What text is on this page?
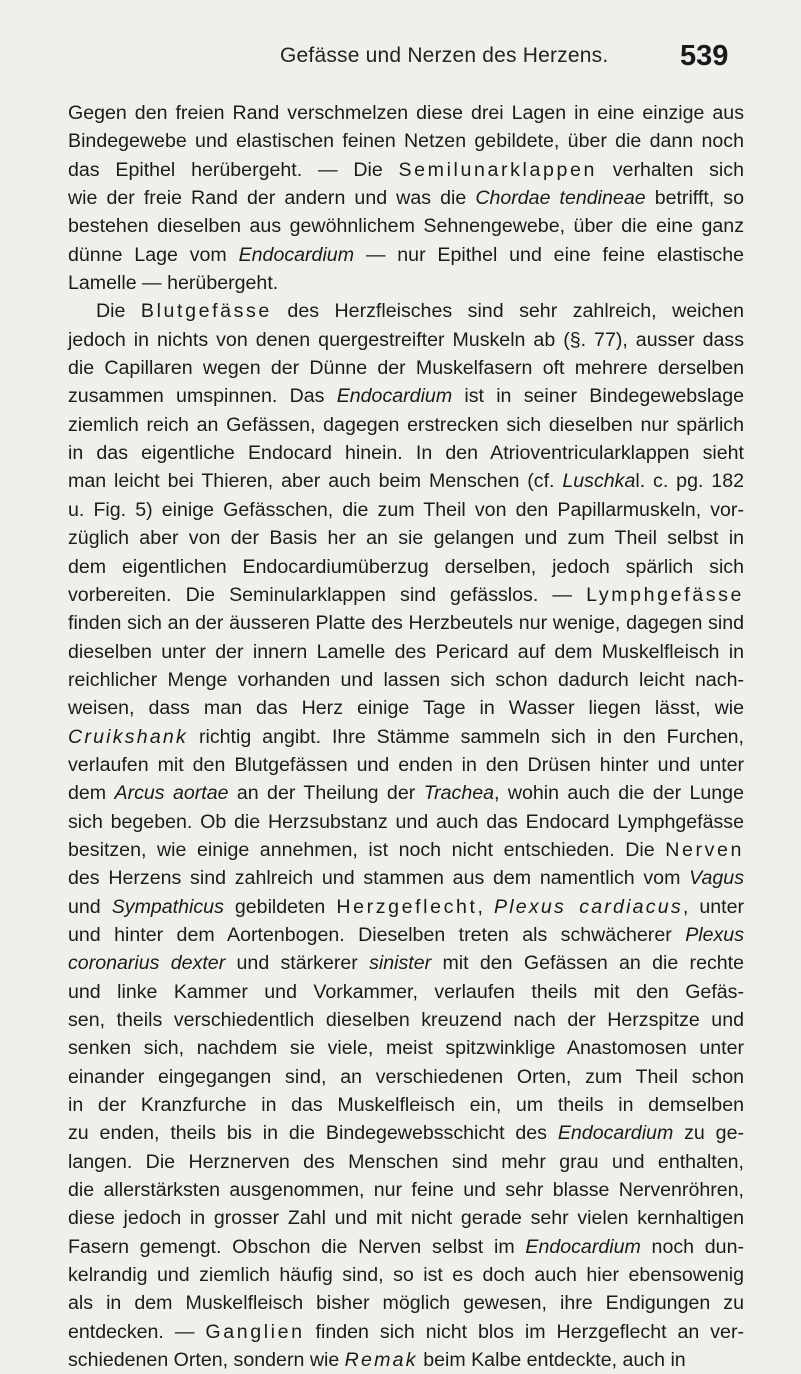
Gefässe und Nerzen des Herzens. 539
Gegen den freien Rand verschmelzen diese drei Lagen in eine einzige aus
Bindegewebe und elastischen feinen Netzen gebildete, über die dann noch
das Epithel herübergeht. — Die Semilunarklappen verhalten sich
wie der freie Rand der andern und was die Chordae tendineae betrifft, so
bestehen dieselben aus gewöhnlichem Sehnengewebe, über die eine ganz
dünne Lage vom Endocardium — nur Epithel und eine feine elastische
Lamelle — herübergeht.
Die Blutgefässe des Herzfleisches sind sehr zahlreich, weichen
jedoch in nichts von denen quergestreifter Muskeln ab (§. 77), ausser dass
die Capillaren wegen der Dünne der Muskelfasern oft mehrere derselben
zusammen umspinnen. Das Endocardium ist in seiner Bindegewebslage
ziemlich reich an Gefässen, dagegen erstrecken sich dieselben nur spärlich
in das eigentliche Endocard hinein. In den Atrioventricularklappen sieht
man leicht bei Thieren, aber auch beim Menschen (cf. Luschkal. c. pg. 182
u. Fig. 5) einige Gefässchen, die zum Theil von den Papillarmuskeln, vor-
züglich aber von der Basis her an sie gelangen und zum Theil selbst in
dem eigentlichen Endocardiumüberzug derselben, jedoch spärlich sich
vorbereiten. Die Seminularklappen sind gefässlos. — Lymphgefässe
finden sich an der äusseren Platte des Herzbeutels nur wenige, dagegen sind
dieselben unter der innern Lamelle des Pericard auf dem Muskelfleisch in
reichlicher Menge vorhanden und lassen sich schon dadurch leicht nach-
weisen, dass man das Herz einige Tage in Wasser liegen lässt, wie
Cruikshank richtig angibt. Ihre Stämme sammeln sich in den Furchen,
verlaufen mit den Blutgefässen und enden in den Drüsen hinter und unter
dem Arcus aortae an der Theilung der Trachea, wohin auch die der Lunge
sich begeben. Ob die Herzsubstanz und auch das Endocard Lymphgefässe
besitzen, wie einige annehmen, ist noch nicht entschieden. Die Nerven
des Herzens sind zahlreich und stammen aus dem namentlich vom Vagus
und Sympathicus gebildeten Herzgeflecht, Plexus cardiacus, unter
und hinter dem Aortenbogen. Dieselben treten als schwächerer Plexus
coronarius dexter und stärkerer sinister mit den Gefässen an die rechte
und linke Kammer und Vorkammer, verlaufen theils mit den Gefäs-
sen, theils verschiedentlich dieselben kreuzend nach der Herzspitze und
senken sich, nachdem sie viele, meist spitzwinklige Anastomosen unter
einander eingegangen sind, an verschiedenen Orten, zum Theil schon
in der Kranzfurche in das Muskelfleisch ein, um theils in demselben
zu enden, theils bis in die Bindegewebsschicht des Endocardium zu ge-
langen. Die Herznerven des Menschen sind mehr grau und enthalten,
die allerstärksten ausgenommen, nur feine und sehr blasse Nervenröhren,
diese jedoch in grosser Zahl und mit nicht gerade sehr vielen kernhaltigen
Fasern gemengt. Obschon die Nerven selbst im Endocardium noch dun-
kelrandig und ziemlich häufig sind, so ist es doch auch hier ebensowenig
als in dem Muskelfleisch bisher möglich gewesen, ihre Endigungen zu
entdecken. — Ganglien finden sich nicht blos im Herzgeflecht an ver-
schiedenen Orten, sondern wie Remak beim Kalbe entdeckte, auch in
